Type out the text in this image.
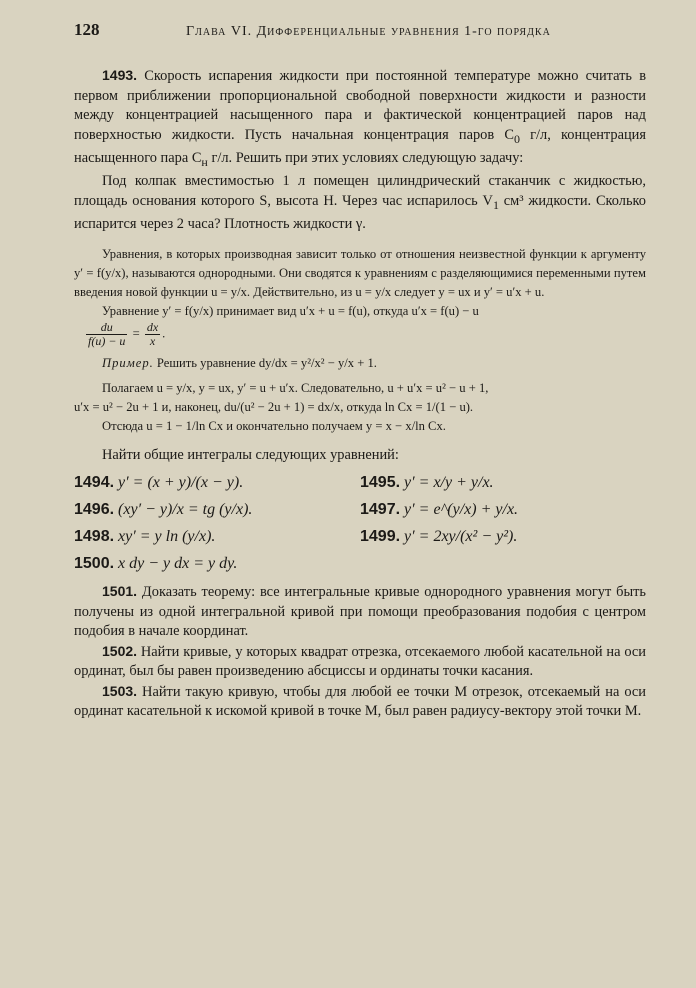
128	Глава VI. Дифференциальные уравнения 1-го порядка

1493. Скорость испарения жидкости при постоянной температуре можно считать в первом приближении пропорциональной свободной поверхности жидкости и разности между концентрацией насыщенного пара и фактической концентрацией паров над поверхностью жидкости. Пусть начальная концентрация паров $C_0$ г/л, концентрация насыщенного пара $C_н$ г/л. Решить при этих условиях следующую задачу:

Под колпак вместимостью 1 л помещен цилиндрический стаканчик с жидкостью, площадь основания которого S, высота H. Через час испарилось $V_1$ см³ жидкости. Сколько испарится через 2 часа? Плотность жидкости γ.

Уравнения, в которых производная зависит только от отношения неизвестной функции к аргументу y′ = f(y/x), называются однородными. Они сводятся к уравнениям с разделяющимися переменными путем введения новой функции u = y/x. Действительно, из u = y/x следует y = ux и y′ = u′x + u.

Уравнение y′ = f(y/x) принимает вид u′x + u = f(u), откуда u′x = f(u) − u

$\frac{du}{f(u) - u} = \frac{dx}{x}$ .

Пример. Решить уравнение dy/dx = y²/x² − y/x + 1.

Полагаем u = y/x, y = ux, y′ = u + u′x. Следовательно, u + u′x = u² − u + 1,

u′x = u² − 2u + 1 и, наконец, du/(u² − 2u + 1) = dx/x, откуда ln Cx = 1/(1 − u).

Отсюда u = 1 − 1/ln Cx и окончательно получаем y = x − x/ln Cx.

Найти общие интегралы следующих уравнений:

1494. y′ = (x + y)/(x − y).	1495. y′ = x/y + y/x.
1496. (xy′ − y)/x = tg (y/x).	1497. y′ = e^(y/x) + y/x.
1498. xy′ = y ln (y/x).	1499. y′ = 2xy/(x² − y²).
1500. x dy − y dx = y dy.

1501. Доказать теорему: все интегральные кривые однородного уравнения могут быть получены из одной интегральной кривой при помощи преобразования подобия с центром подобия в начале координат.

1502. Найти кривые, у которых квадрат отрезка, отсекаемого любой касательной на оси ординат, был бы равен произведению абсциссы и ординаты точки касания.

1503. Найти такую кривую, чтобы для любой ее точки M отрезок, отсекаемый на оси ординат касательной к искомой кривой в точке M, был равен радиусу-вектору этой точки M.
